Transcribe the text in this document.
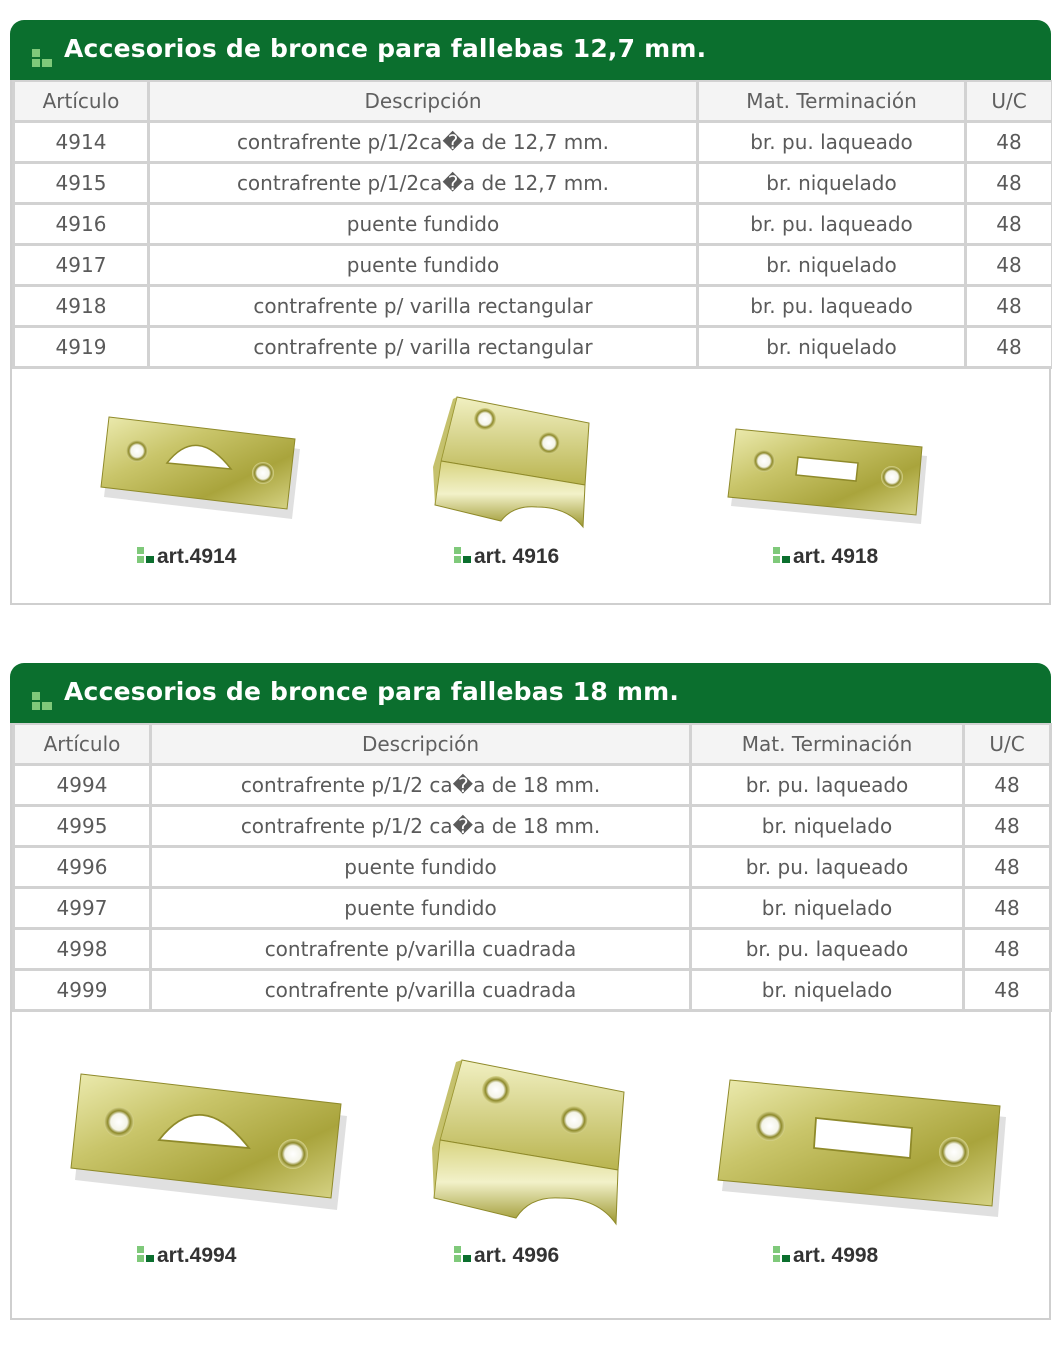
Accesorios de bronce para fallebas 12,7 mm.
Artículo	Descripción	Mat. Terminación	U/C
4914	contrafrente p/1/2ca�a de 12,7 mm.	br. pu. laqueado	48
4915	contrafrente p/1/2ca�a de 12,7 mm.	br. niquelado	48
4916	puente fundido	br. pu. laqueado	48
4917	puente fundido	br. niquelado	48
4918	contrafrente p/ varilla rectangular	br. pu. laqueado	48
4919	contrafrente p/ varilla rectangular	br. niquelado	48
art.4914	art. 4916	art. 4918
Accesorios de bronce para fallebas 18 mm.
Artículo	Descripción	Mat. Terminación	U/C
4994	contrafrente p/1/2 ca�a de 18 mm.	br. pu. laqueado	48
4995	contrafrente p/1/2 ca�a de 18 mm.	br. niquelado	48
4996	puente fundido	br. pu. laqueado	48
4997	puente fundido	br. niquelado	48
4998	contrafrente p/varilla cuadrada	br. pu. laqueado	48
4999	contrafrente p/varilla cuadrada	br. niquelado	48
art.4994	art. 4996	art. 4998
